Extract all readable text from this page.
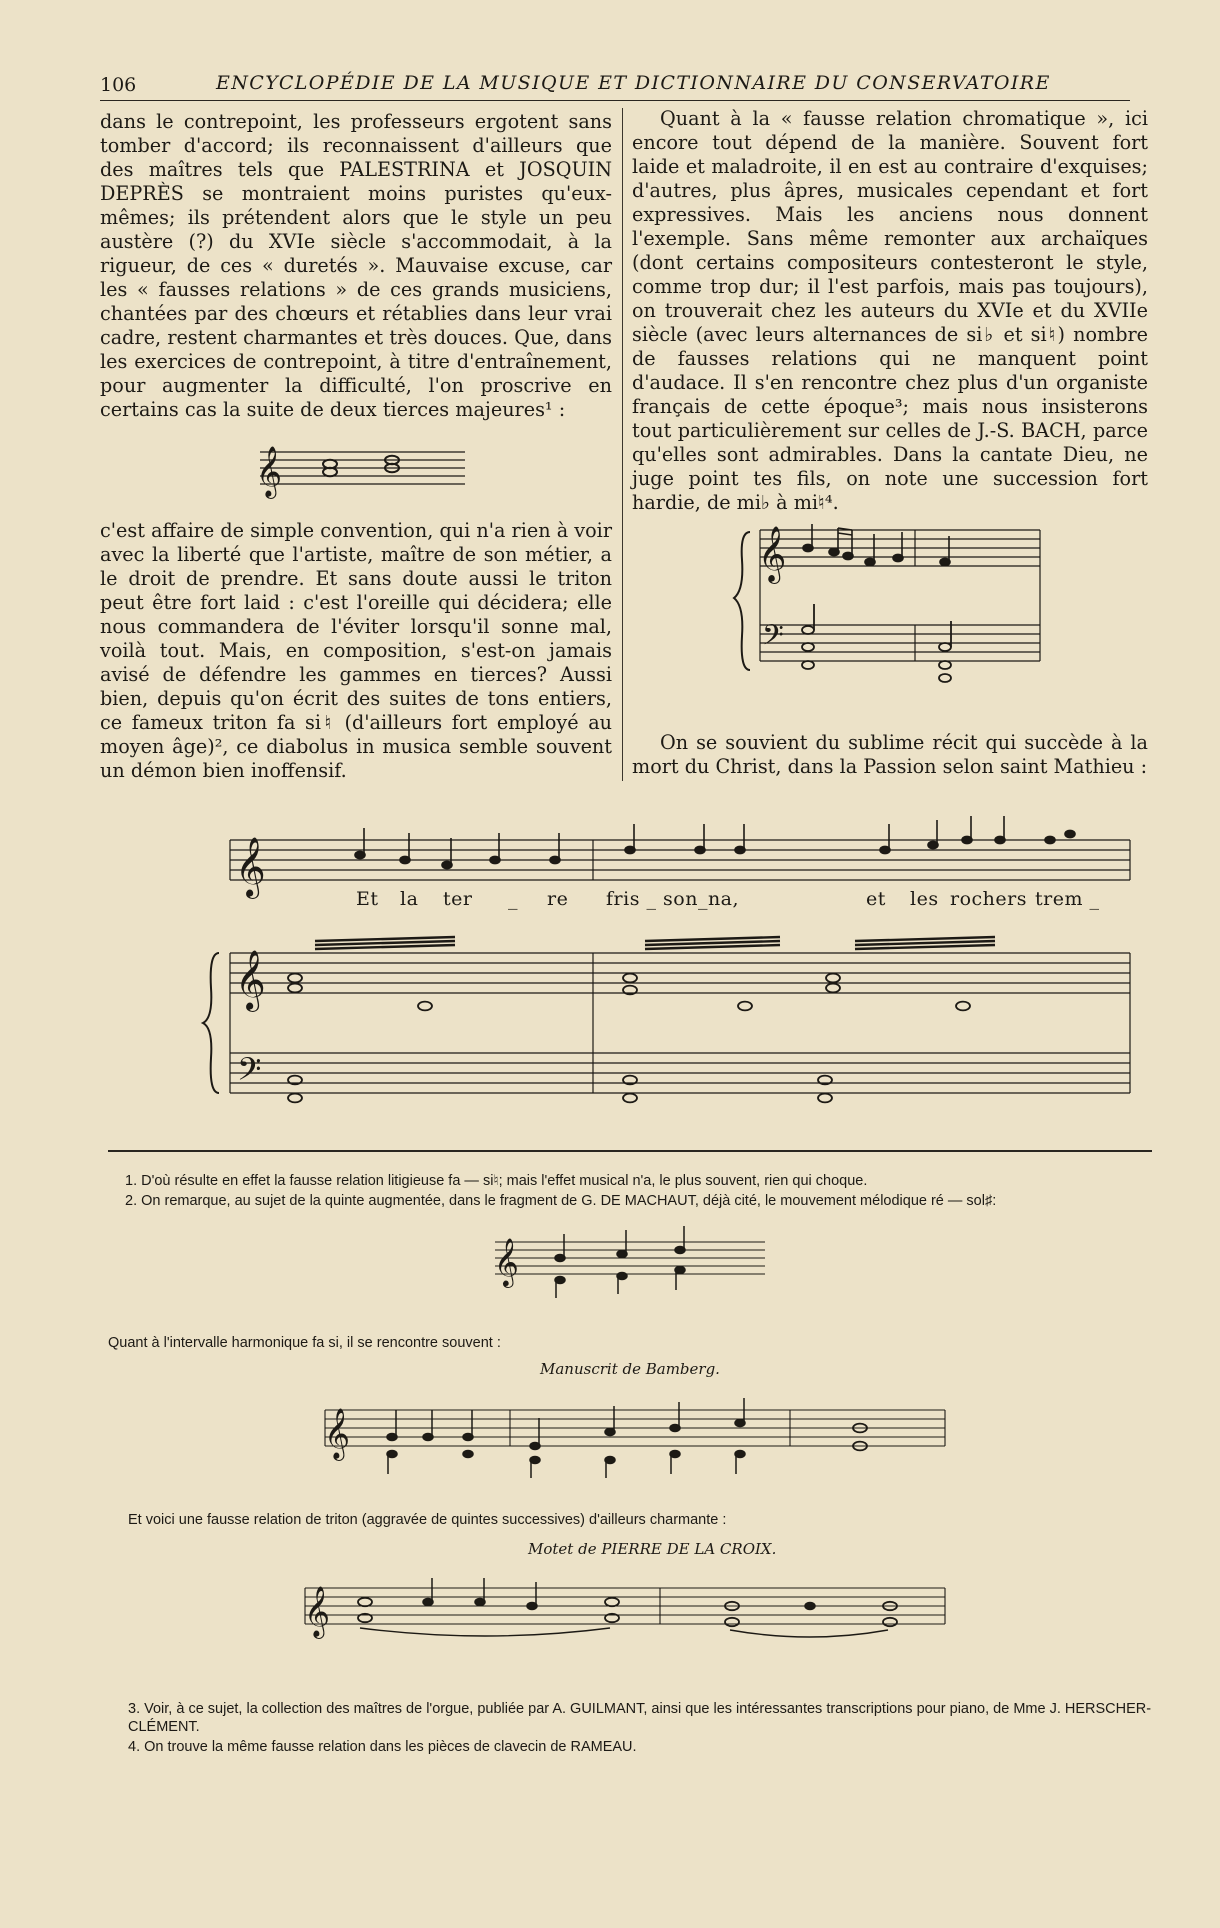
106	ENCYCLOPÉDIE DE LA MUSIQUE ET DICTIONNAIRE DU CONSERVATOIRE

dans le contrepoint, les professeurs ergotent sans tomber d'accord; ils reconnaissent d'ailleurs que des maîtres tels que PALESTRINA et JOSQUIN DEPRÈS se montraient moins puristes qu'eux-mêmes; ils prétendent alors que le style un peu austère (?) du XVIe siècle s'accommodait, à la rigueur, de ces « duretés ». Mauvaise excuse, car les « fausses relations » de ces grands musiciens, chantées par des chœurs et rétablies dans leur vrai cadre, restent charmantes et très douces. Que, dans les exercices de contrepoint, à titre d'entraînement, pour augmenter la difficulté, l'on proscrive en certains cas la suite de deux tierces majeures¹ :

𝄞

c'est affaire de simple convention, qui n'a rien à voir avec la liberté que l'artiste, maître de son métier, a le droit de prendre. Et sans doute aussi le triton peut être fort laid : c'est l'oreille qui décidera; elle nous commandera de l'éviter lorsqu'il sonne mal, voilà tout. Mais, en composition, s'est-on jamais avisé de défendre les gammes en tierces? Aussi bien, depuis qu'on écrit des suites de tons entiers, ce fameux triton fa si♮ (d'ailleurs fort employé au moyen âge)², ce diabolus in musica semble souvent un démon bien inoffensif.

Quant à la « fausse relation chromatique », ici encore tout dépend de la manière. Souvent fort laide et maladroite, il en est au contraire d'exquises; d'autres, plus âpres, musicales cependant et fort expressives. Mais les anciens nous donnent l'exemple. Sans même remonter aux archaïques (dont certains compositeurs contesteront le style, comme trop dur; il l'est parfois, mais pas toujours), on trouverait chez les auteurs du XVIe et du XVIIe siècle (avec leurs alternances de si♭ et si♮) nombre de fausses relations qui ne manquent point d'audace. Il s'en rencontre chez plus d'un organiste français de cette époque³; mais nous insisterons tout particulièrement sur celles de J.-S. BACH, parce qu'elles sont admirables. Dans la cantate Dieu, ne juge point tes fils, on note une succession fort hardie, de mi♭ à mi♮⁴.

𝄞
𝄢

On se souvient du sublime récit qui succède à la mort du Christ, dans la Passion selon saint Mathieu :

𝄞
𝄞
𝄢
Et la ter _ re fris _ son_na,	et les rochers trem _
1. D'où résulte en effet la fausse relation litigieuse fa — si♮; mais l'effet musical n'a, le plus souvent, rien qui choque.
2. On remarque, au sujet de la quinte augmentée, dans le fragment de G. DE MACHAUT, déjà cité, le mouvement mélodique ré — sol♯:
𝄞
Quant à l'intervalle harmonique fa si, il se rencontre souvent :
Manuscrit de Bamberg.
𝄞
Et voici une fausse relation de triton (aggravée de quintes successives) d'ailleurs charmante :
Motet de PIERRE DE LA CROIX.
𝄞
3. Voir, à ce sujet, la collection des maîtres de l'orgue, publiée par A. GUILMANT, ainsi que les intéressantes transcriptions pour piano, de Mme J. HERSCHER-CLÉMENT.
4. On trouve la même fausse relation dans les pièces de clavecin de RAMEAU.
